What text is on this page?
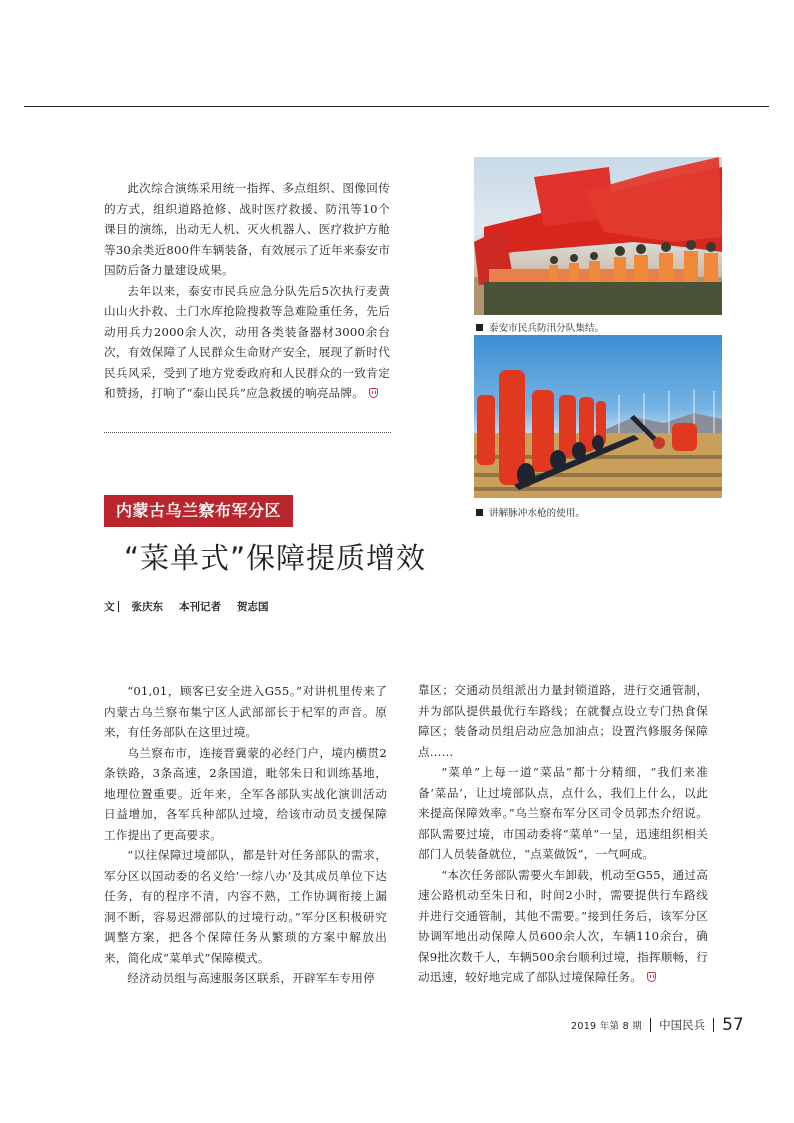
此次综合演练采用统一指挥、多点组织、图像回传的方式，组织道路抢修、战时医疗救援、防汛等10个课目的演练，出动无人机、灭火机器人、医疗救护方舱等30余类近800件车辆装备，有效展示了近年来泰安市国防后备力量建设成果。

去年以来，泰安市民兵应急分队先后5次执行麦黄山山火扑救、土门水库抢险搜救等急难险重任务，先后动用兵力2000余人次，动用各类装备器材3000余台次，有效保障了人民群众生命财产安全，展现了新时代民兵风采，受到了地方党委政府和人民群众的一致肯定和赞扬，打响了“泰山民兵”应急救援的响亮品牌。

泰安市民兵防汛分队集结。
讲解脉冲水枪的使用。
内蒙古乌兰察布军分区
“菜单式”保障提质增效
文 张庆东 本刊记者 贺志国

“01,01，顾客已安全进入G55。”对讲机里传来了内蒙古乌兰察布集宁区人武部部长于杞军的声音。原来，有任务部队在这里过境。

乌兰察布市，连接晋冀蒙的必经门户，境内横贯2条铁路，3条高速，2条国道，毗邻朱日和训练基地，地理位置重要。近年来，全军各部队实战化演训活动日益增加，各军兵种部队过境，给该市动员支援保障工作提出了更高要求。

“以往保障过境部队，都是针对任务部队的需求，军分区以国动委的名义给‘一综八办’及其成员单位下达任务，有的程序不清，内容不熟，工作协调衔接上漏洞不断，容易迟滞部队的过境行动。”军分区积极研究调整方案，把各个保障任务从繁琐的方案中解放出来，简化成“菜单式”保障模式。

经济动员组与高速服务区联系，开辟军车专用停

靠区；交通动员组派出力量封锁道路，进行交通管制，并为部队提供最优行车路线；在就餐点设立专门热食保障区；装备动员组启动应急加油点；设置汽修服务保障点……

“菜单”上每一道“菜品”都十分精细，“我们来准备‘菜品’，让过境部队点，点什么，我们上什么，以此来提高保障效率。”乌兰察布军分区司令员郭杰介绍说。部队需要过境，市国动委将“菜单”一呈，迅速组织相关部门人员装备就位，“点菜做饭”，一气呵成。

“本次任务部队需要火车卸载，机动至G55，通过高速公路机动至朱日和，时间2小时，需要提供行车路线并进行交通管制，其他不需要。”接到任务后，该军分区协调军地出动保障人员600余人次，车辆110余台，确保9批次数千人，车辆500余台顺利过境，指挥顺畅，行动迅速，较好地完成了部队过境保障任务。

2019 年第 8 期 中国民兵 57
